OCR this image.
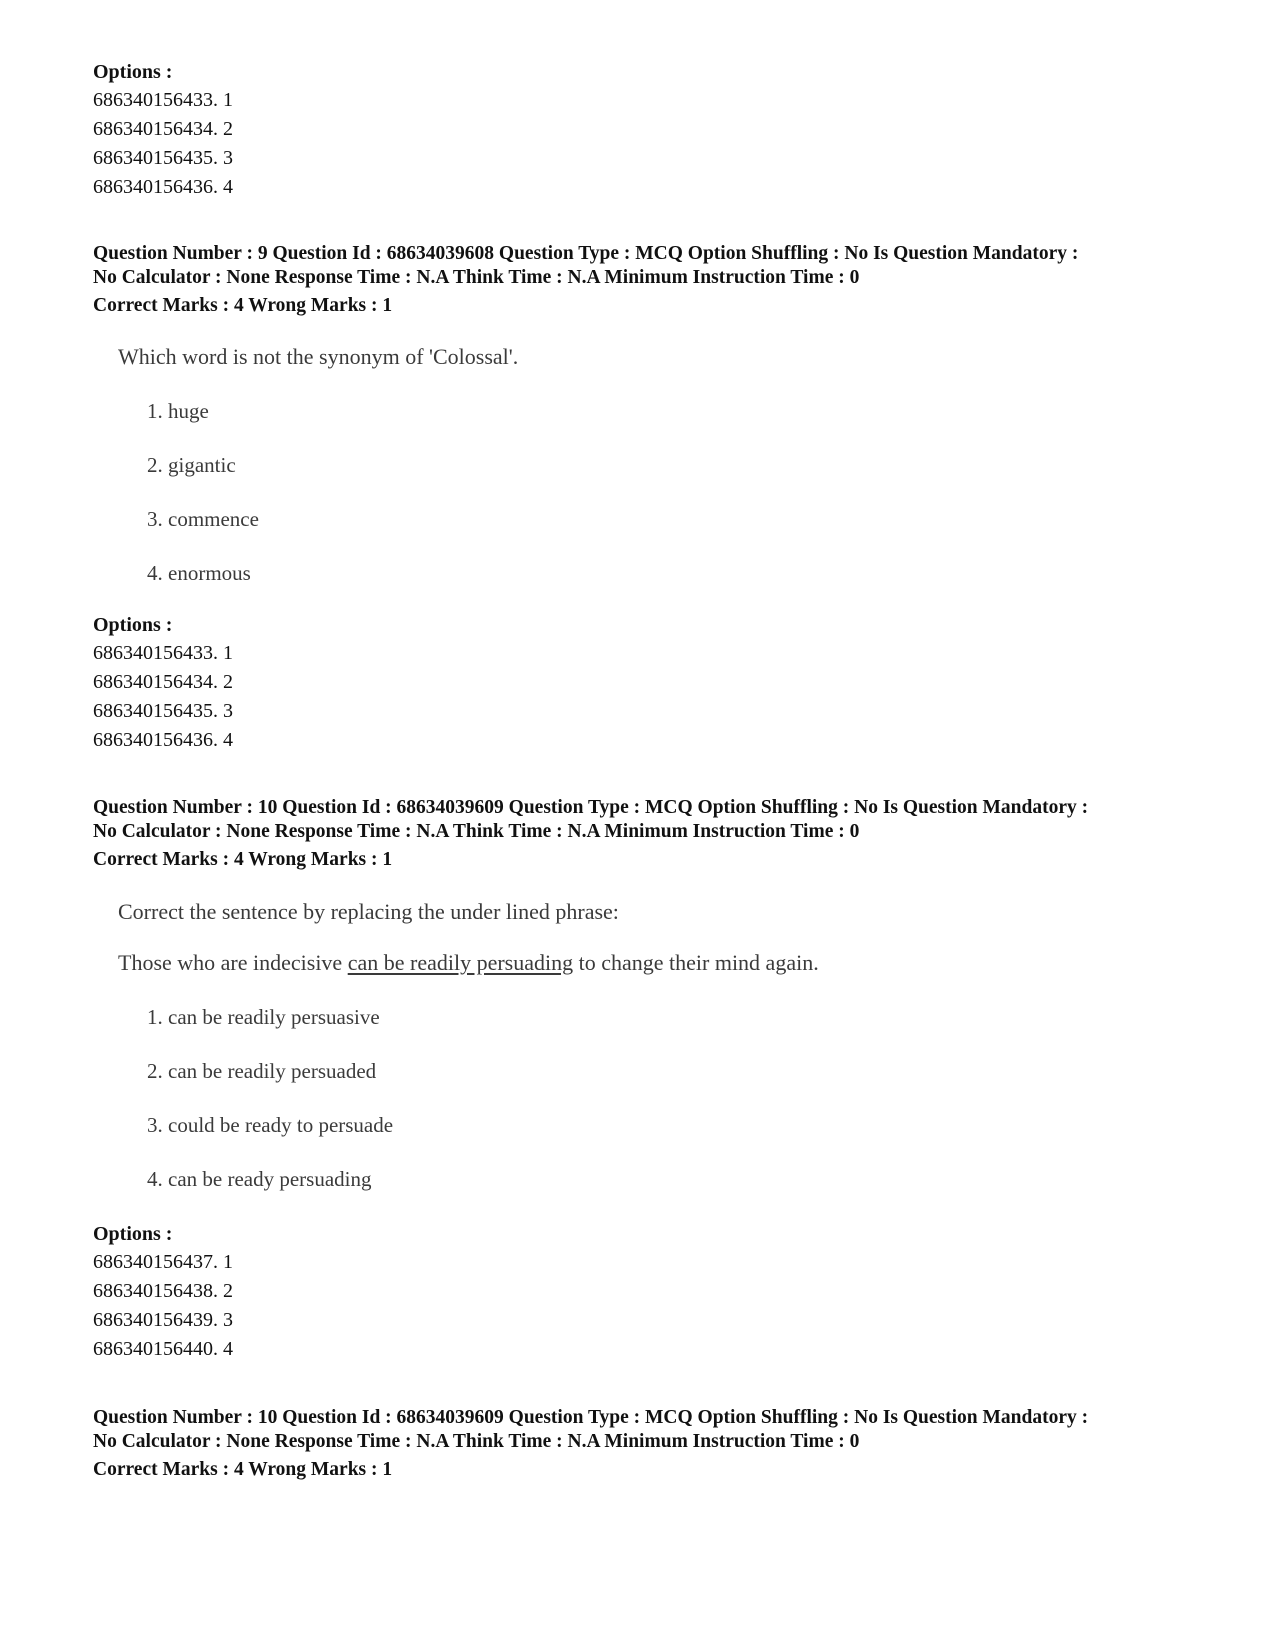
Options :
686340156433. 1
686340156434. 2
686340156435. 3
686340156436. 4
Question Number : 9 Question Id : 68634039608 Question Type : MCQ Option Shuffling : No Is Question Mandatory :
No Calculator : None Response Time : N.A Think Time : N.A Minimum Instruction Time : 0
Correct Marks : 4 Wrong Marks : 1
Which word is not the synonym of 'Colossal'.
1. huge
2. gigantic
3. commence
4. enormous
Options :
686340156433. 1
686340156434. 2
686340156435. 3
686340156436. 4
Question Number : 10 Question Id : 68634039609 Question Type : MCQ Option Shuffling : No Is Question Mandatory :
No Calculator : None Response Time : N.A Think Time : N.A Minimum Instruction Time : 0
Correct Marks : 4 Wrong Marks : 1
Correct the sentence by replacing the under lined phrase:
Those who are indecisive can be readily persuading to change their mind again.
1. can be readily persuasive
2. can be readily persuaded
3. could be ready to persuade
4. can be ready persuading
Options :
686340156437. 1
686340156438. 2
686340156439. 3
686340156440. 4
Question Number : 10 Question Id : 68634039609 Question Type : MCQ Option Shuffling : No Is Question Mandatory :
No Calculator : None Response Time : N.A Think Time : N.A Minimum Instruction Time : 0
Correct Marks : 4 Wrong Marks : 1
